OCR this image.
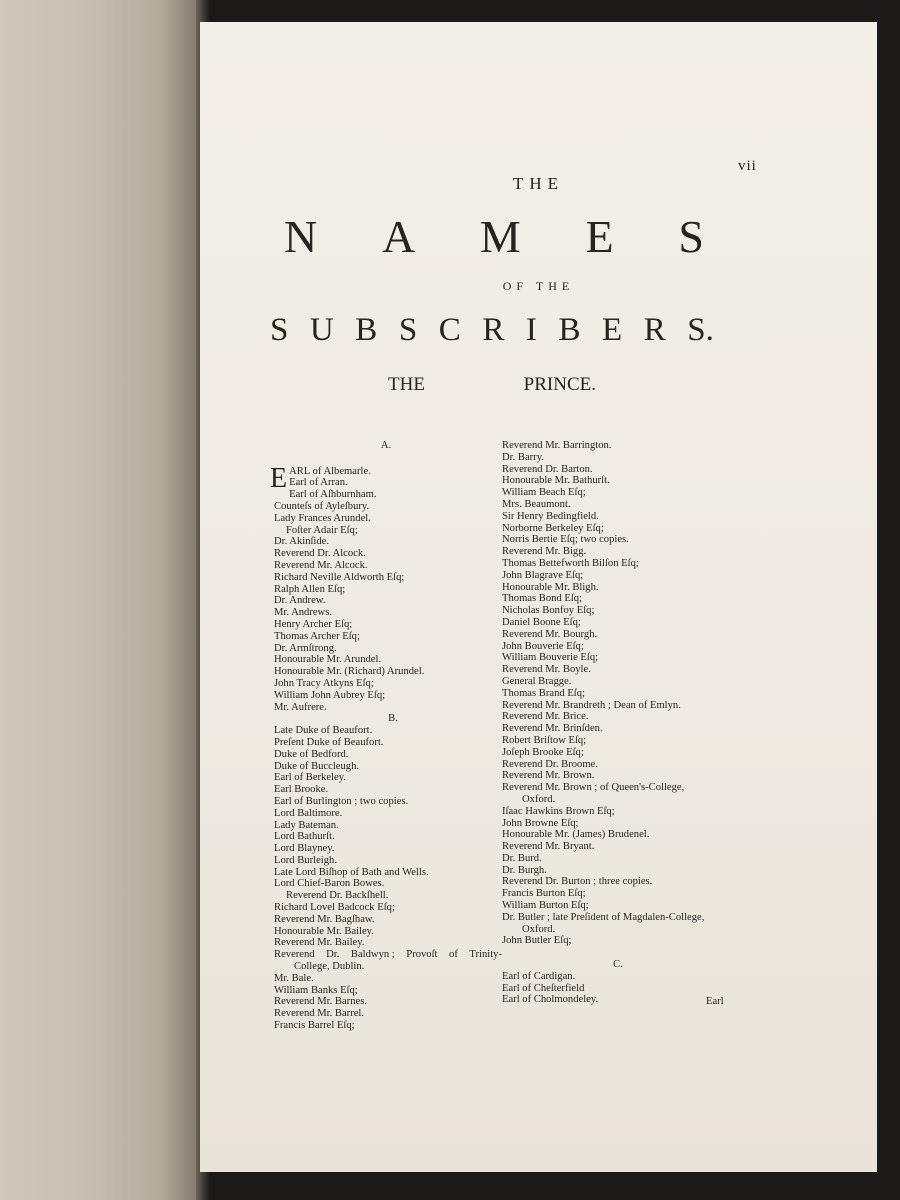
vii
THE
N A M E S
OF THE
S U B S C R I B E R S.
THE	PRINCE.
A.
E ARL of Albemarle.
Earl of Arran.
Earl of Aſhburnham.
Counteſs of Ayleſbury.
Lady Frances Arundel.
Foſter Adair Eſq;
Dr. Akinſide.
Reverend Dr. Alcock.
Reverend Mr. Alcock.
Richard Neville Aldworth Eſq;
Ralph Allen Eſq;
Dr. Andrew.
Mr. Andrews.
Henry Archer Eſq;
Thomas Archer Eſq;
Dr. Armſtrong.
Honourable Mr. Arundel.
Honourable Mr. (Richard) Arundel.
John Tracy Atkyns Eſq;
William John Aubrey Eſq;
Mr. Aufrere.
B.
Late Duke of Beaufort.
Preſent Duke of Beaufort.
Duke of Bedford.
Duke of Buccleugh.
Earl of Berkeley.
Earl Brooke.
Earl of Burlington ; two copies.
Lord Baltimore.
Lady Bateman.
Lord Bathurſt.
Lord Blayney.
Lord Burleigh.
Late Lord Biſhop of Bath and Wells.
Lord Chief-Baron Bowes.
Reverend Dr. Backſhell.
Richard Lovel Badcock Eſq;
Reverend Mr. Bagſhaw.
Honourable Mr. Bailey.
Reverend Mr. Bailey.
Reverend Dr. Baldwyn ; Provoſt of Trinity-
College, Dublin.
Mr. Bale.
William Banks Eſq;
Reverend Mr. Barnes.
Reverend Mr. Barrel.
Francis Barrel Eſq;
Reverend Mr. Barrington.
Dr. Barry.
Reverend Dr. Barton.
Honourable Mr. Bathurſt.
William Beach Eſq;
Mrs. Beaumont.
Sir Henry Bedingfield.
Norborne Berkeley Eſq;
Norris Bertie Eſq; two copies.
Reverend Mr. Bigg.
Thomas Bettefworth Bilſon Eſq;
John Blagrave Eſq;
Honourable Mr. Bligh.
Thomas Bond Eſq;
Nicholas Bonfoy Eſq;
Daniel Boone Eſq;
Reverend Mr. Bourgh.
John Bouverie Eſq;
William Bouverie Eſq;
Reverend Mr. Boyle.
General Bragge.
Thomas Brand Eſq;
Reverend Mr. Brandreth ; Dean of Emlyn.
Reverend Mr. Brice.
Reverend Mr. Brinſden.
Robert Briſtow Eſq;
Joſeph Brooke Eſq;
Reverend Dr. Broome.
Reverend Mr. Brown.
Reverend Mr. Brown ; of Queen's-College,
Oxford.
Iſaac Hawkins Brown Eſq;
John Browne Eſq;
Honourable Mr. (James) Brudenel.
Reverend Mr. Bryant.
Dr. Burd.
Dr. Burgh.
Reverend Dr. Burton ; three copies.
Francis Burton Eſq;
William Burton Eſq;
Dr. Butler ; late Preſident of Magdalen-College,
Oxford.
John Butler Eſq;
C.
Earl of Cardigan.
Earl of Cheſterfield
Earl of Cholmondeley.	Earl
